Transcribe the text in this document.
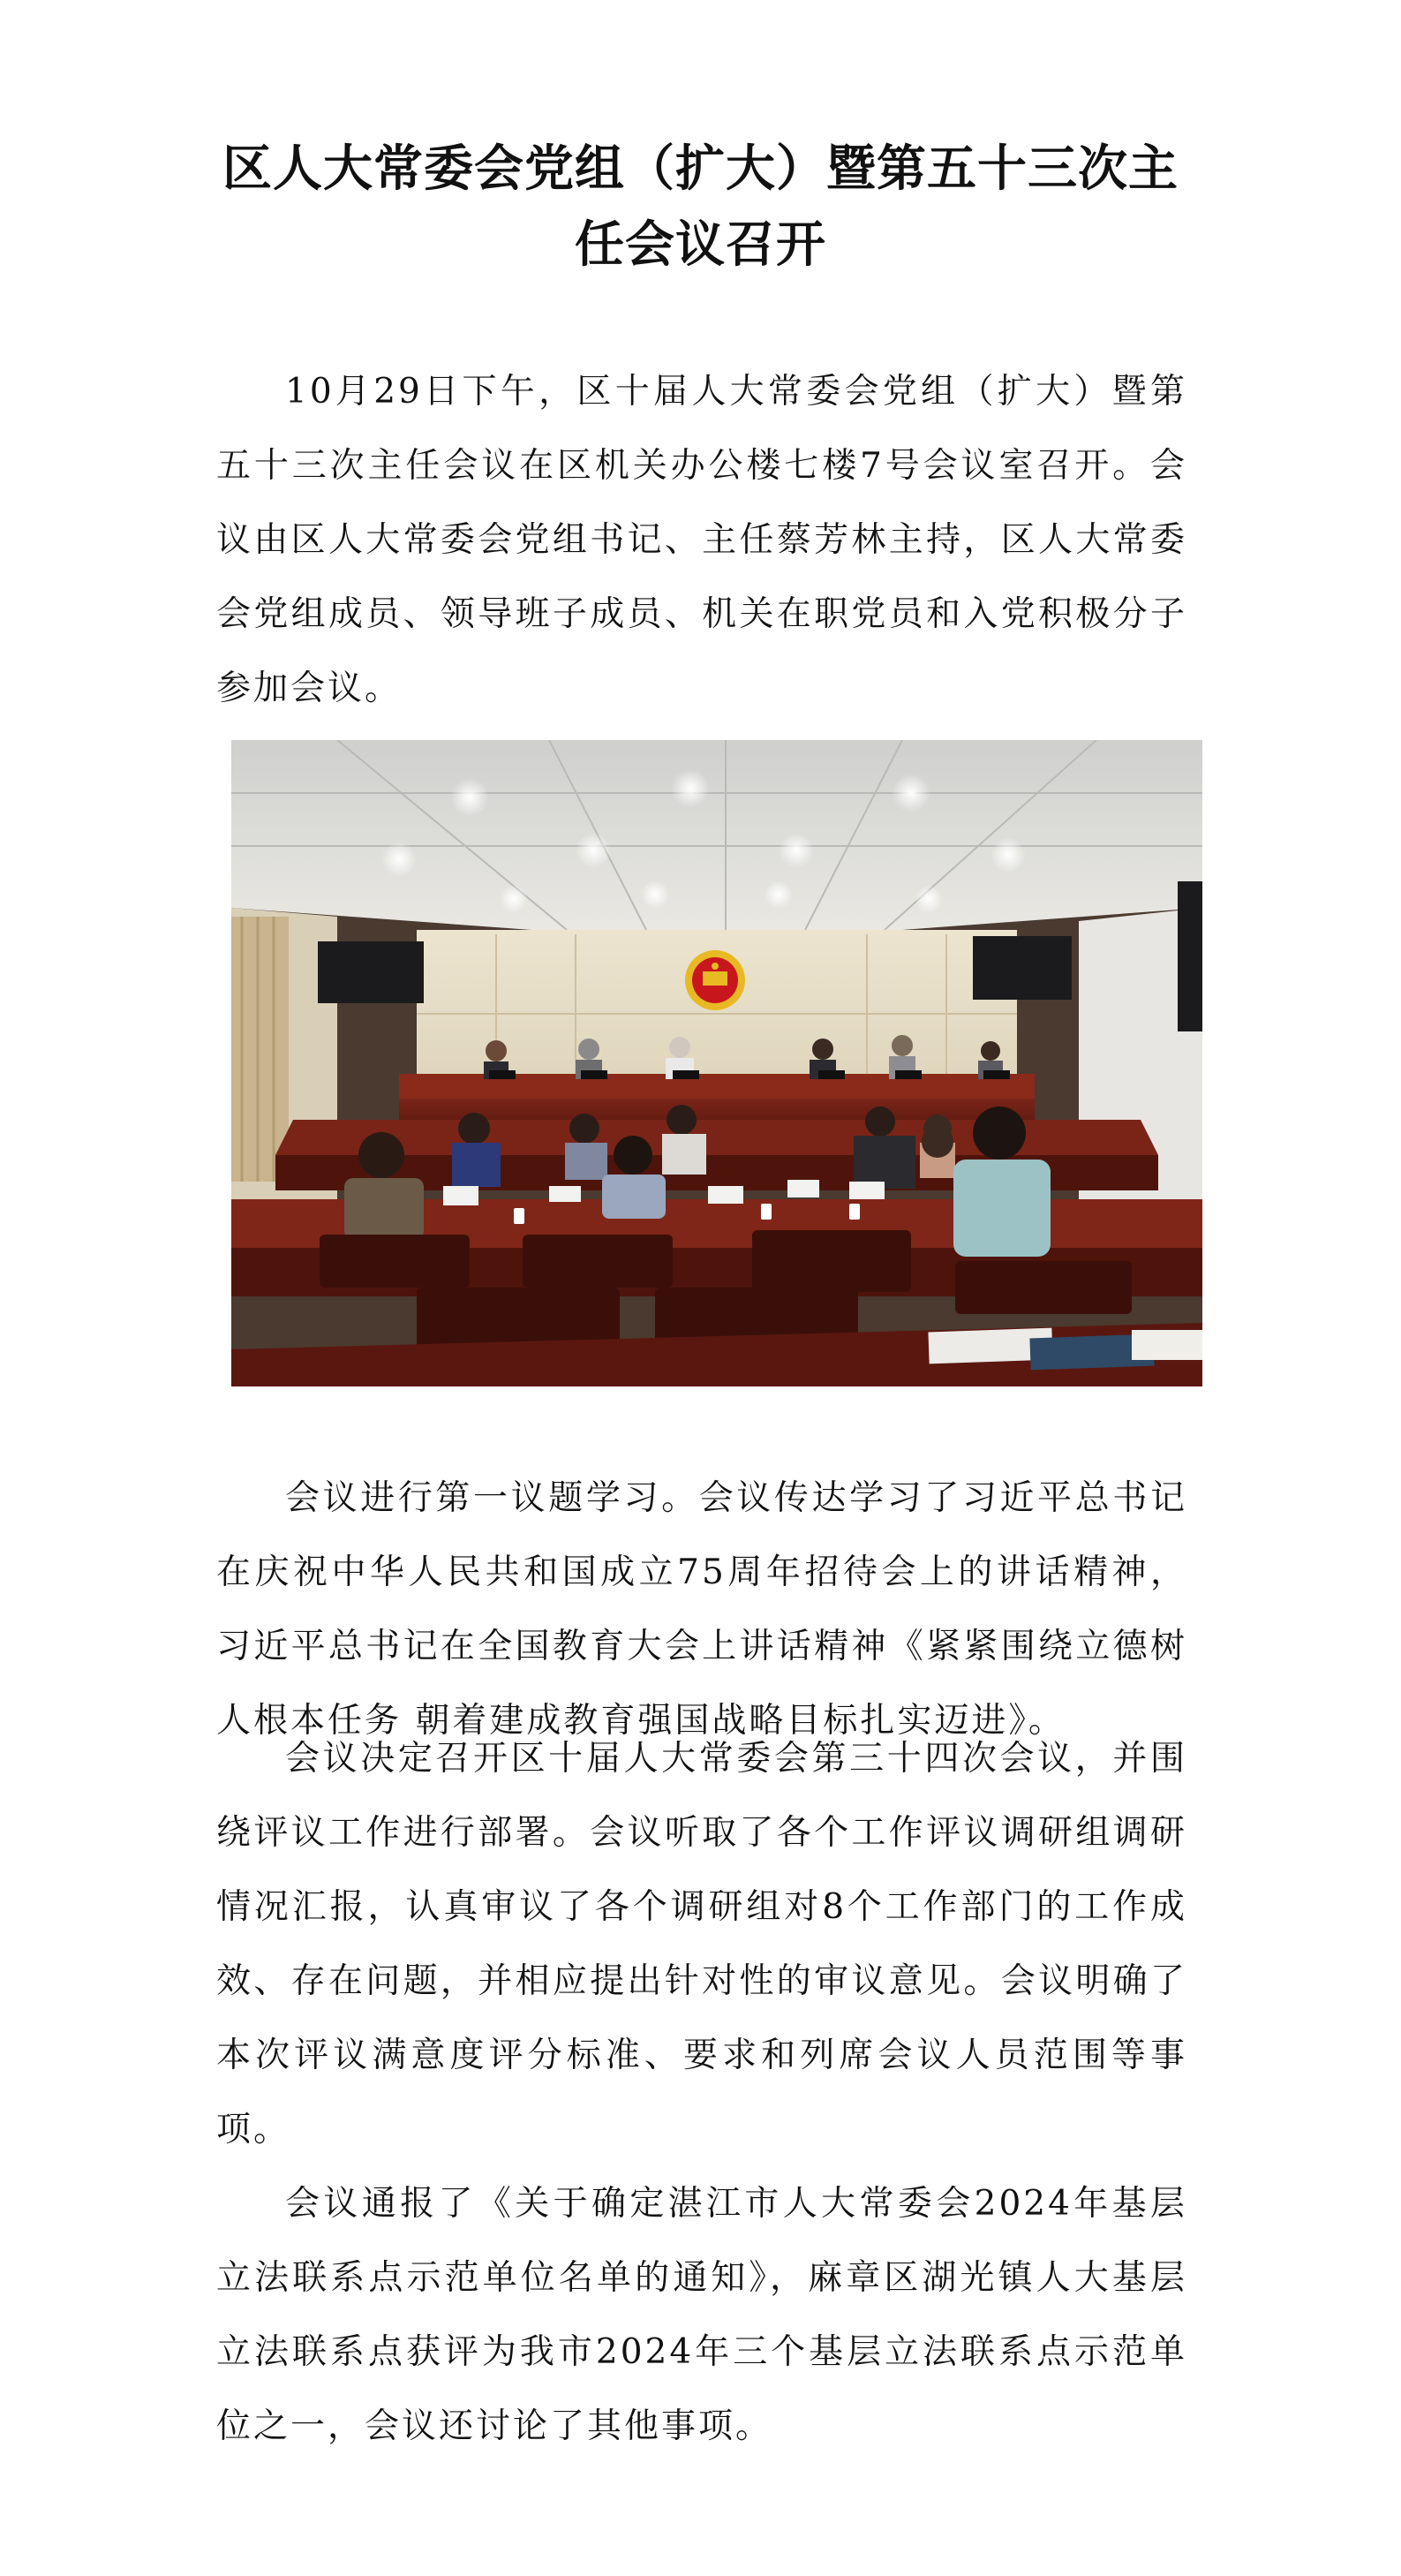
区人大常委会党组（扩大）暨第五十三次主
任会议召开

10月29日下午，区十届人大常委会党组（扩大）暨第五十三次主任会议在区机关办公楼七楼7号会议室召开。会议由区人大常委会党组书记、主任蔡芳林主持，区人大常委会党组成员、领导班子成员、机关在职党员和入党积极分子参加会议。

会议进行第一议题学习。会议传达学习了习近平总书记在庆祝中华人民共和国成立75周年招待会上的讲话精神，习近平总书记在全国教育大会上讲话精神《紧紧围绕立德树人根本任务 朝着建成教育强国战略目标扎实迈进》。

会议决定召开区十届人大常委会第三十四次会议，并围绕评议工作进行部署。会议听取了各个工作评议调研组调研情况汇报，认真审议了各个调研组对8个工作部门的工作成效、存在问题，并相应提出针对性的审议意见。会议明确了本次评议满意度评分标准、要求和列席会议人员范围等事项。

会议通报了《关于确定湛江市人大常委会2024年基层立法联系点示范单位名单的通知》，麻章区湖光镇人大基层立法联系点获评为我市2024年三个基层立法联系点示范单位之一，会议还讨论了其他事项。
